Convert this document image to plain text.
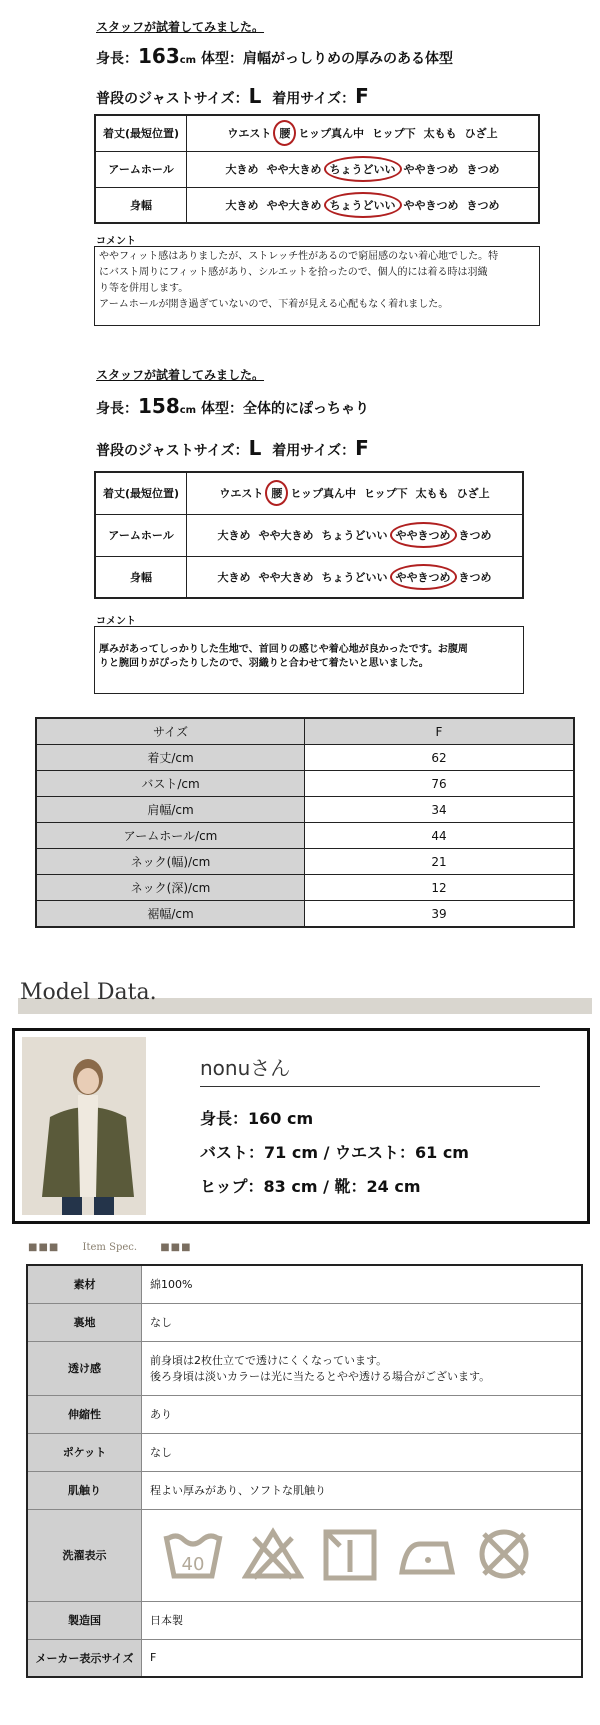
スタッフが試着してみました。
身長：163cm 体型：肩幅がっしりめの厚みのある体型
普段のジャストサイズ：L 着用サイズ：F
着丈(最短位置)	ウエスト 腰 ヒップ真ん中 ヒップ下 太もも ひざ上
アームホール	大きめ やや大きめ ちょうどいい ややきつめ きつめ
身幅	大きめ やや大きめ ちょうどいい ややきつめ きつめ
コメント
ややフィット感はありましたが、ストレッチ性があるので窮屈感のない着心地でした。特
にバスト周りにフィット感があり、シルエットを拾ったので、個人的には着る時は羽織
り等を併用します。
アームホールが開き過ぎていないので、下着が見える心配もなく着れました。
スタッフが試着してみました。
身長：158cm 体型：全体的にぽっちゃり
普段のジャストサイズ：L 着用サイズ：F
着丈(最短位置)	ウエスト 腰 ヒップ真ん中 ヒップ下 太もも ひざ上
アームホール	大きめ やや大きめ ちょうどいい ややきつめ きつめ
身幅	大きめ やや大きめ ちょうどいい ややきつめ きつめ
コメント
厚みがあってしっかりした生地で、首回りの感じや着心地が良かったです。お腹周
りと腕回りがぴったりしたので、羽織りと合わせて着たいと思いました。
サイズ	F
着丈/cm	62
バスト/cm	76
肩幅/cm	34
アームホール/cm	44
ネック(幅)/cm	21
ネック(深)/cm	12
裾幅/cm	39
Model Data.
nonuさん
身長：160 cm
バスト：71 cm / ウエスト：61 cm
ヒップ：83 cm / 靴：24 cm
■■■ Item Spec. ■■■
素材	綿100%

裏地	なし

透け感	前身頃は2枚仕立てで透けにくくなっています。
後ろ身頃は淡いカラーは光に当たるとやや透ける場合がございます。

伸縮性	あり

ポケット	なし

肌触り	程よい厚みがあり、ソフトな肌触り

洗濯表示	40

製造国	日本製

メーカー表示サイズ	F
